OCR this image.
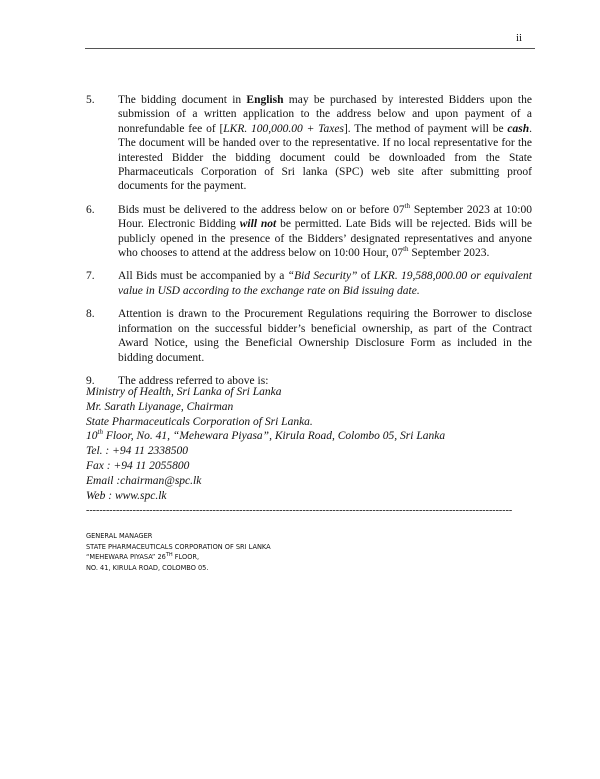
ii
5.	The bidding document in English may be purchased by interested Bidders upon the submission of a written application to the address below and upon payment of a nonrefundable fee of [LKR. 100,000.00 + Taxes]. The method of payment will be cash. The document will be handed over to the representative. If no local representative for the interested Bidder the bidding document could be downloaded from the State Pharmaceuticals Corporation of Sri lanka (SPC) web site after submitting proof documents for the payment.
6.	Bids must be delivered to the address below on or before 07th September 2023 at 10:00 Hour. Electronic Bidding will not be permitted. Late Bids will be rejected. Bids will be publicly opened in the presence of the Bidders’ designated representatives and anyone who chooses to attend at the address below on 10:00 Hour, 07th September 2023.
7.	All Bids must be accompanied by a “Bid Security” of LKR. 19,588,000.00 or equivalent value in USD according to the exchange rate on Bid issuing date.
8.	Attention is drawn to the Procurement Regulations requiring the Borrower to disclose information on the successful bidder’s beneficial ownership, as part of the Contract Award Notice, using the Beneficial Ownership Disclosure Form as included in the bidding document.
9.	The address referred to above is:
Ministry of Health, Sri Lanka of Sri Lanka
Mr. Sarath Liyanage, Chairman
State Pharmaceuticals Corporation of Sri Lanka.
10th Floor, No. 41, “Mehewara Piyasa”, Kirula Road, Colombo 05, Sri Lanka
Tel. : +94 11 2338500
Fax : +94 11 2055800
Email :chairman@spc.lk
Web : www.spc.lk
--------------------------------------------------------------------------------------------------------------------------------
GENERAL MANAGER
STATE PHARMACEUTICALS CORPORATION OF SRI LANKA
“MEHEWARA PIYASA” 26TH FLOOR,
NO. 41, KIRULA ROAD, COLOMBO 05.
